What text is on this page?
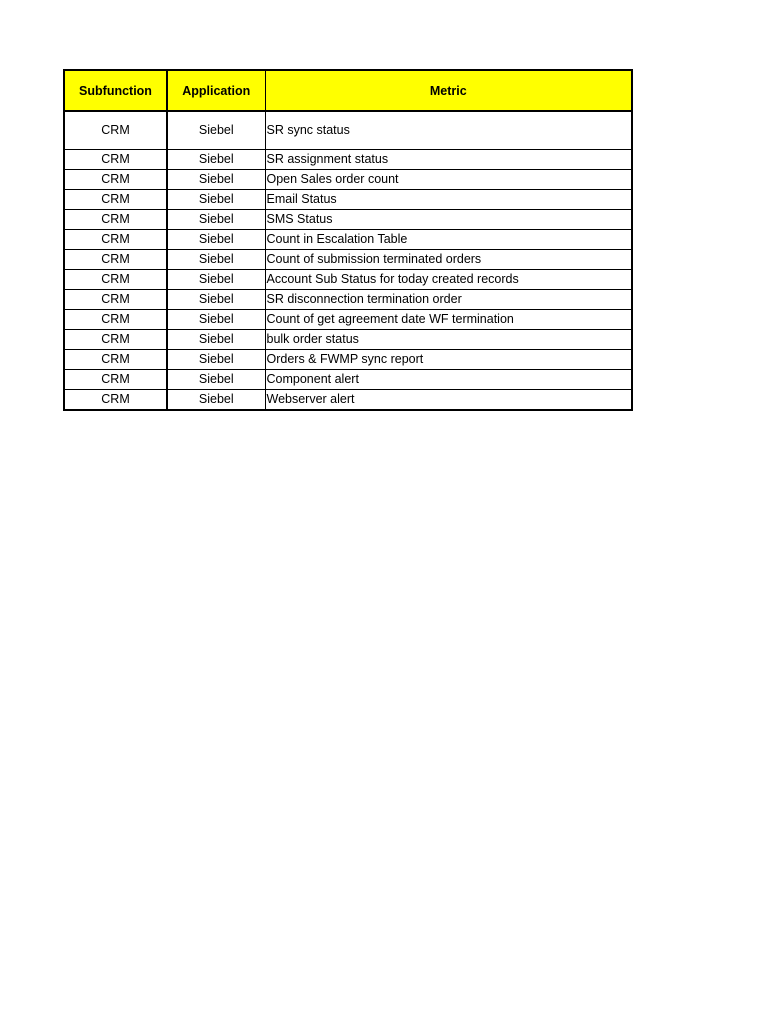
Subfunction	Application	Metric
CRM	Siebel	SR sync status
CRM	Siebel	SR assignment status
CRM	Siebel	Open Sales order count
CRM	Siebel	Email Status
CRM	Siebel	SMS Status
CRM	Siebel	Count in Escalation Table
CRM	Siebel	Count of submission terminated orders
CRM	Siebel	Account Sub Status for today created records
CRM	Siebel	SR disconnection termination order
CRM	Siebel	Count of get agreement date WF termination
CRM	Siebel	bulk order status
CRM	Siebel	Orders & FWMP sync report
CRM	Siebel	Component alert
CRM	Siebel	Webserver alert
